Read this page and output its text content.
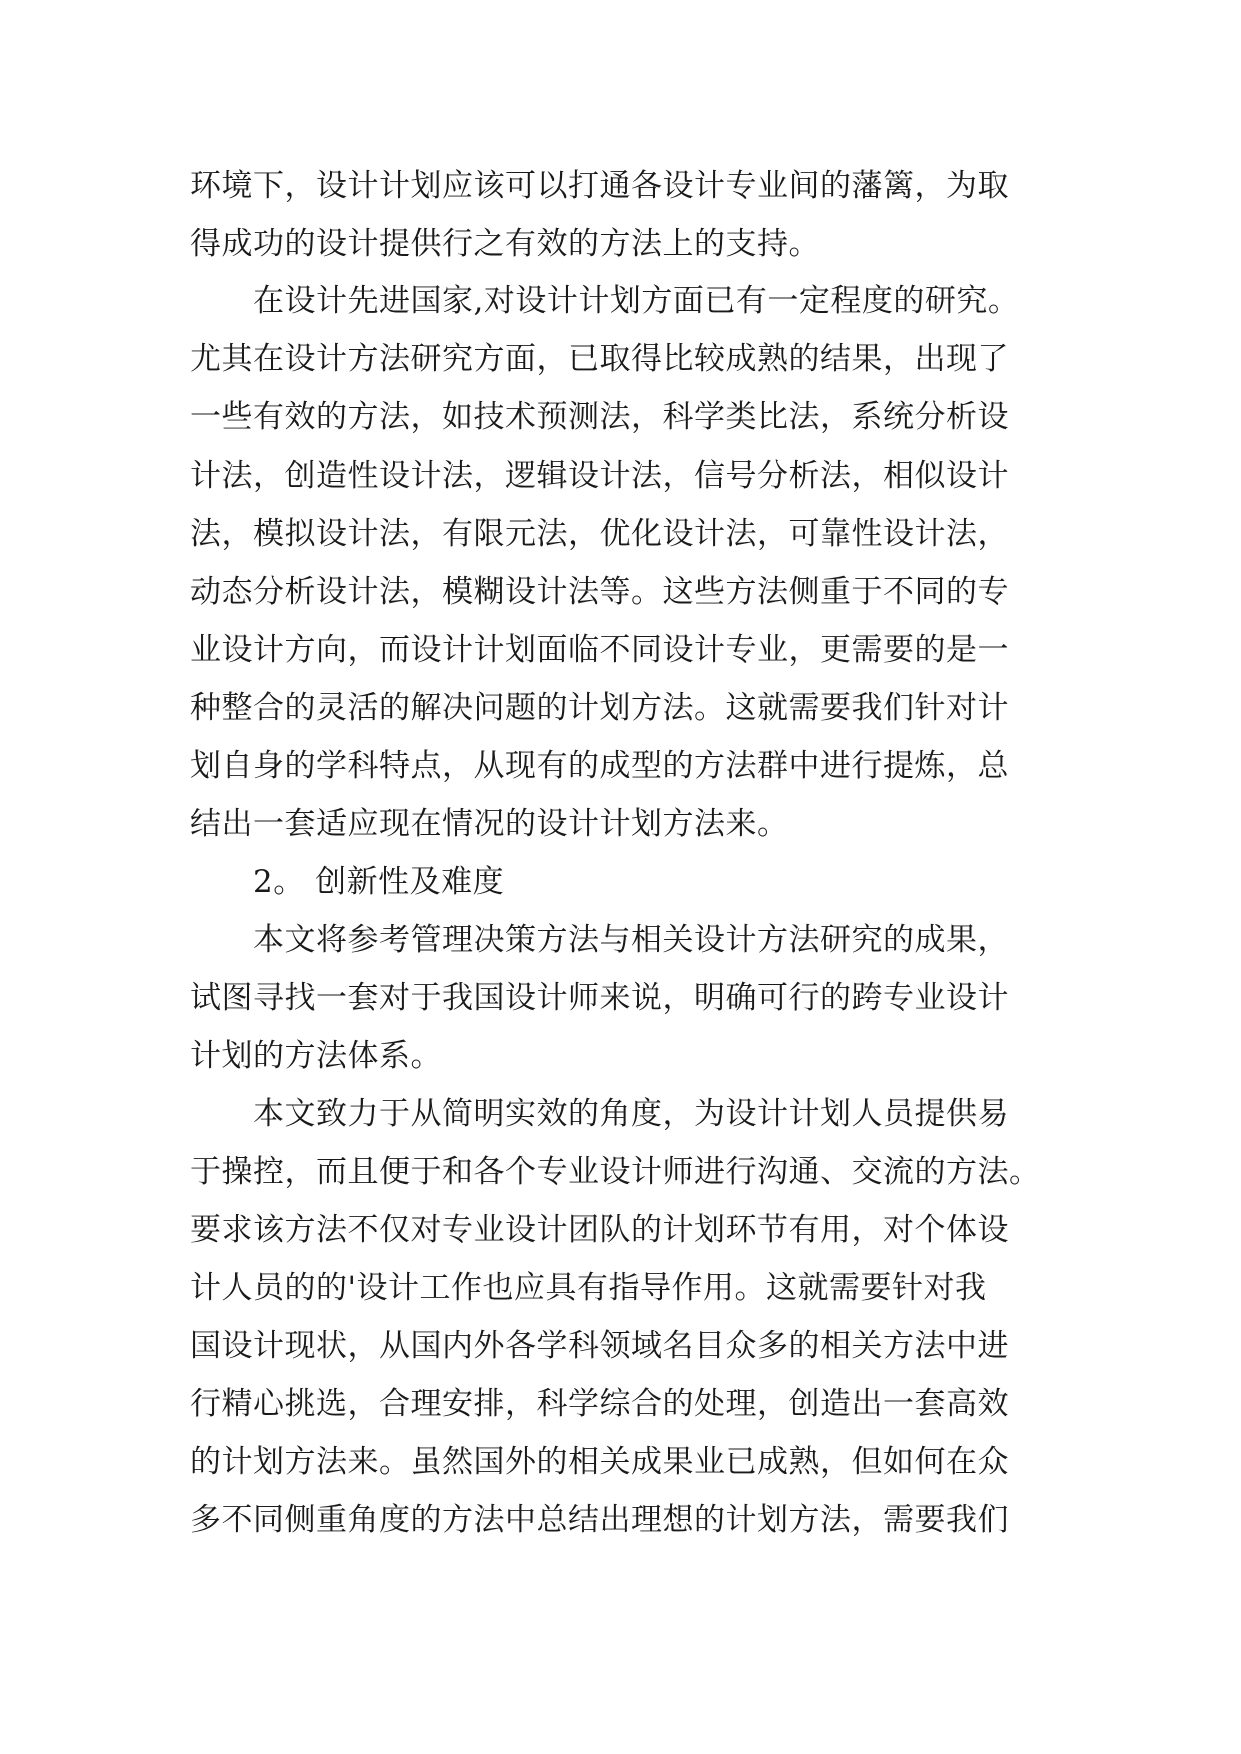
环境下，设计计划应该可以打通各设计专业间的藩篱，为取
得成功的设计提供行之有效的方法上的支持。
在设计先进国家,对设计计划方面已有一定程度的研究。
尤其在设计方法研究方面，已取得比较成熟的结果，出现了
一些有效的方法，如技术预测法，科学类比法，系统分析设
计法，创造性设计法，逻辑设计法，信号分析法，相似设计
法，模拟设计法，有限元法，优化设计法，可靠性设计法，
动态分析设计法，模糊设计法等。这些方法侧重于不同的专
业设计方向，而设计计划面临不同设计专业，更需要的是一
种整合的灵活的解决问题的计划方法。这就需要我们针对计
划自身的学科特点，从现有的成型的方法群中进行提炼，总
结出一套适应现在情况的设计计划方法来。
2。 创新性及难度
本文将参考管理决策方法与相关设计方法研究的成果，
试图寻找一套对于我国设计师来说，明确可行的跨专业设计
计划的方法体系。
本文致力于从简明实效的角度，为设计计划人员提供易
于操控，而且便于和各个专业设计师进行沟通、交流的方法。
要求该方法不仅对专业设计团队的计划环节有用，对个体设
计人员的的'设计工作也应具有指导作用。这就需要针对我
国设计现状，从国内外各学科领域名目众多的相关方法中进
行精心挑选，合理安排，科学综合的处理，创造出一套高效
的计划方法来。虽然国外的相关成果业已成熟，但如何在众
多不同侧重角度的方法中总结出理想的计划方法，需要我们
